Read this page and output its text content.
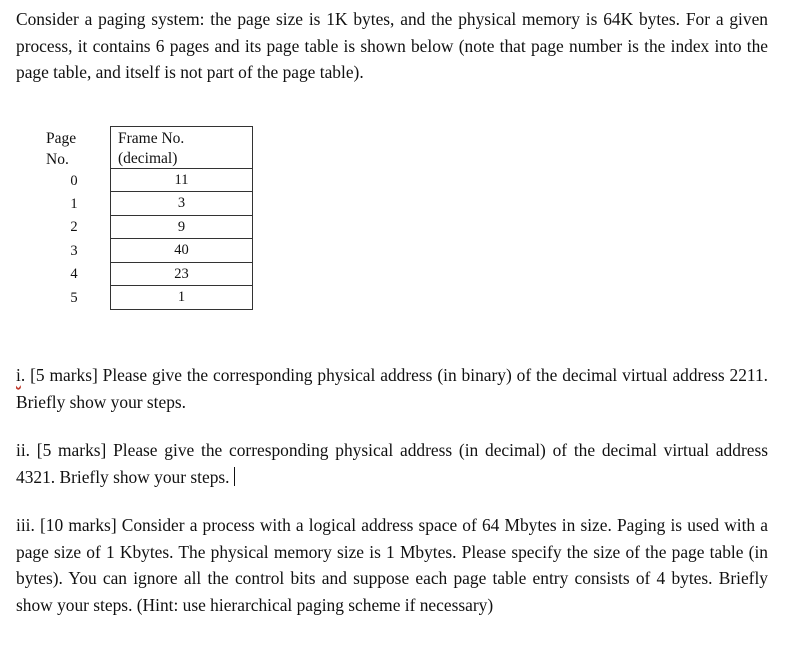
Consider a paging system: the page size is 1K bytes, and the physical memory is 64K bytes. For a given process, it contains 6 pages and its page table is shown below (note that page number is the index into the page table, and itself is not part of the page table).

Page
No.
0
1
2
3
4
5
Frame No.
(decimal)
11
3
9
40
23
1

i. [5 marks] Please give the corresponding physical address (in binary) of the decimal virtual address 2211. Briefly show your steps.

ii. [5 marks] Please give the corresponding physical address (in decimal) of the decimal virtual address 4321. Briefly show your steps.

iii. [10 marks] Consider a process with a logical address space of 64 Mbytes in size. Paging is used with a page size of 1 Kbytes. The physical memory size is 1 Mbytes. Please specify the size of the page table (in bytes). You can ignore all the control bits and suppose each page table entry consists of 4 bytes. Briefly show your steps. (Hint: use hierarchical paging scheme if necessary)
